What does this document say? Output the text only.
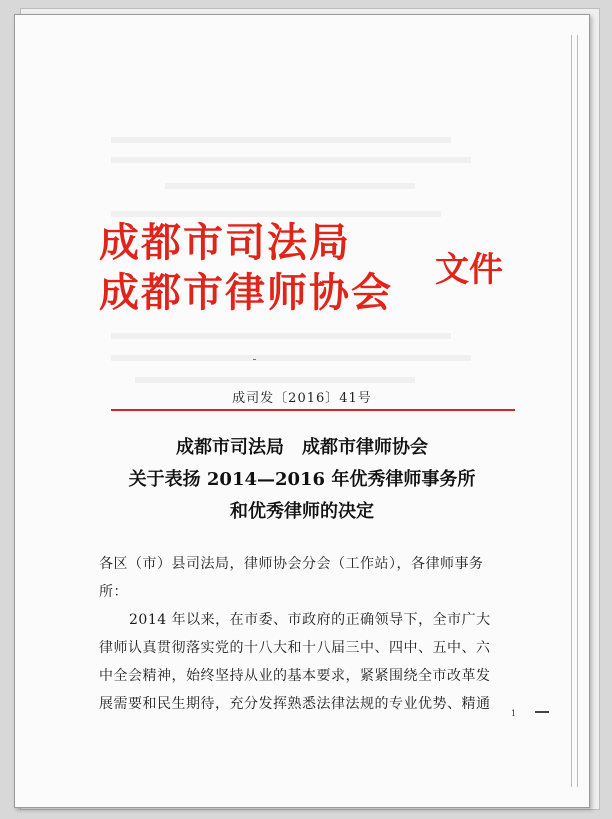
成都市司法局
成都市律师协会 文件
成司发〔2016〕41号
成都市司法局　成都市律师协会
关于表扬 2014—2016 年优秀律师事务所
和优秀律师的决定
各区（市）县司法局，律师协会分会（工作站），各律师事务
所：
2014 年以来，在市委、市政府的正确领导下，全市广大
律师认真贯彻落实党的十八大和十八届三中、四中、五中、六
中全会精神，始终坚持从业的基本要求，紧紧围绕全市改革发
展需要和民生期待，充分发挥熟悉法律法规的专业优势、精通
1
